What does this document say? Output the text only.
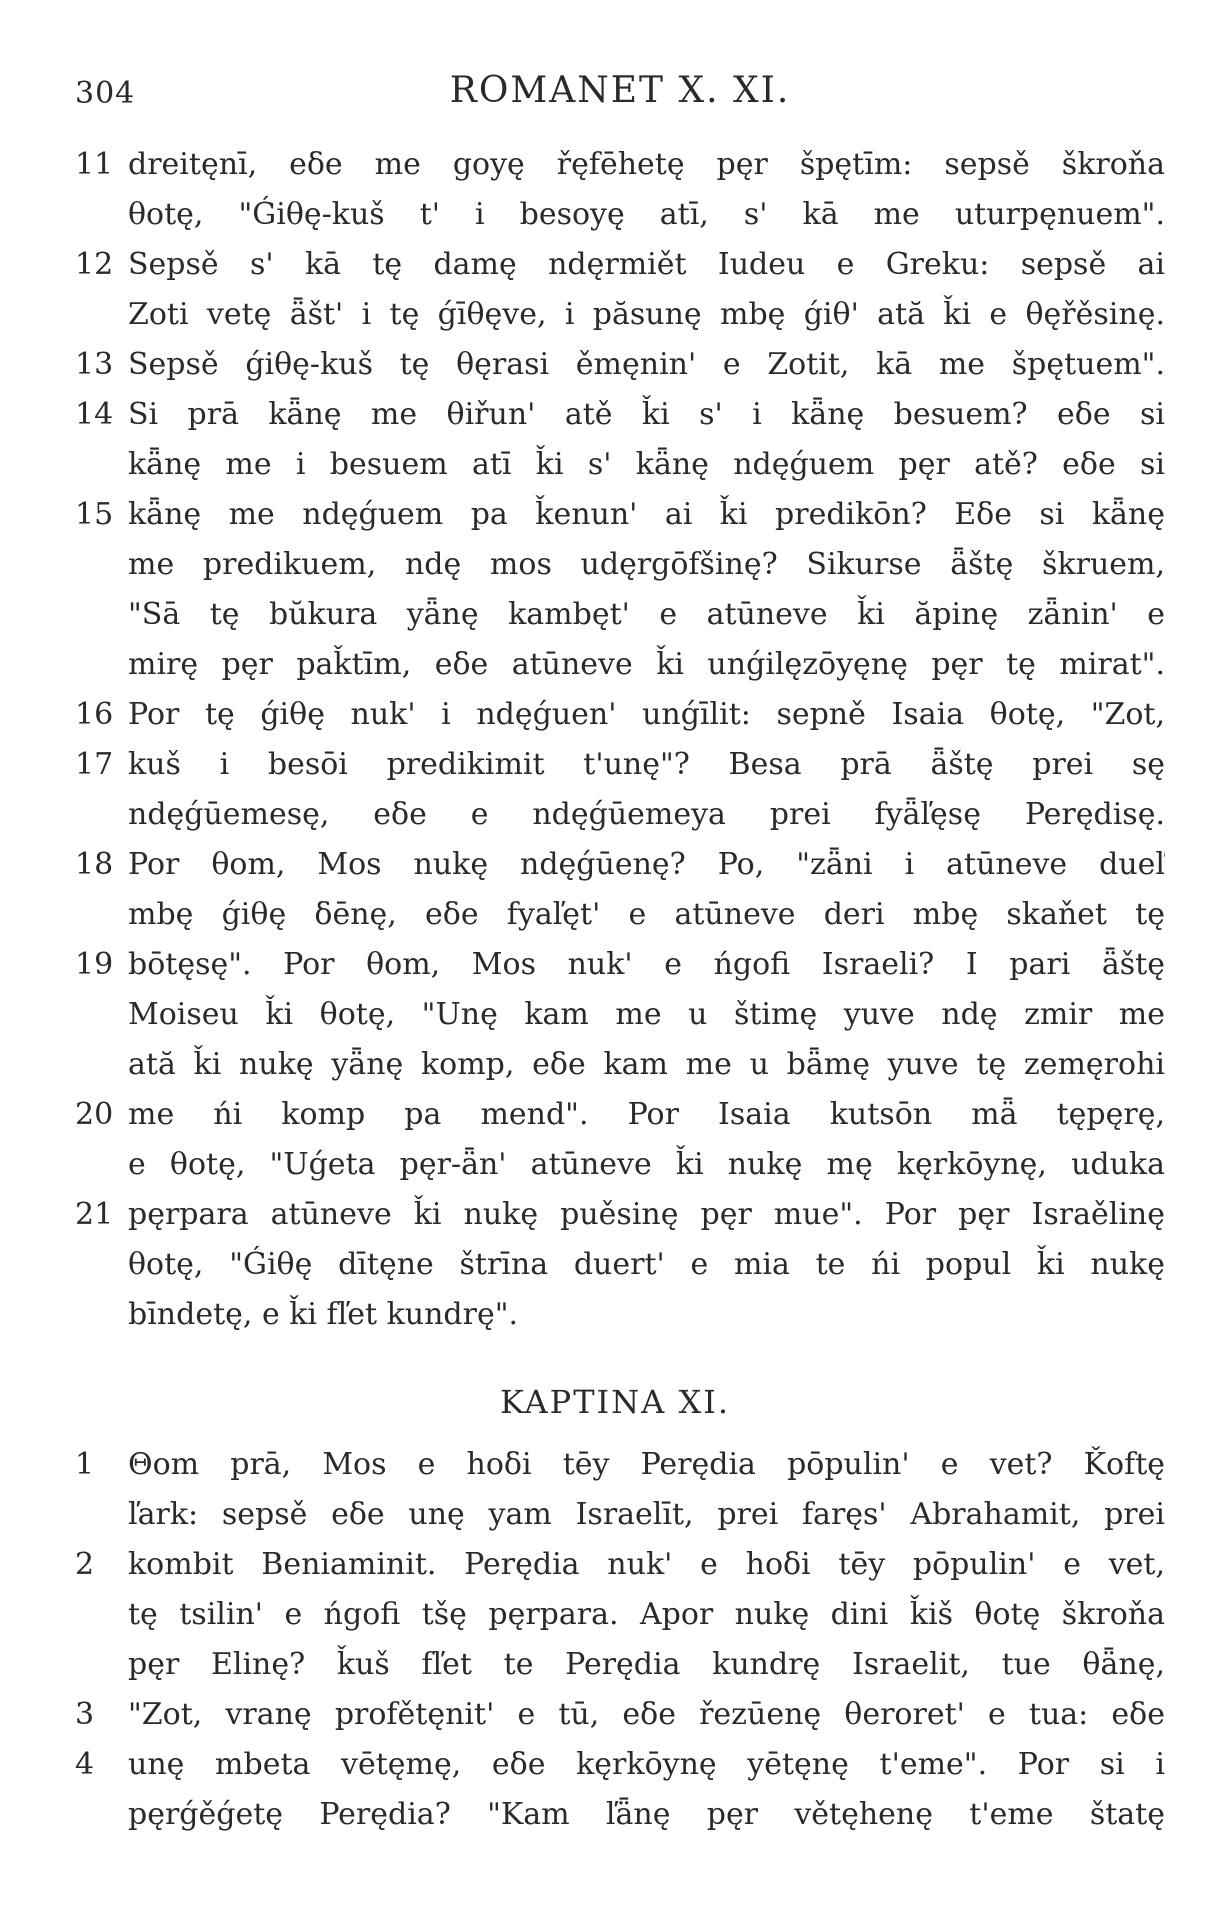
304	ROMANET X. XI.
11 dreitęnī, eδe me goyę řęfēhetę pęr špętīm: sepsě škroňa
θotę, "Ǵiθę-kuš t' i besoyę atī, s' kā me uturpęnuem".
12 Sepsě s' kā tę damę ndęrmiět Iudeu e Greku: sepsě ai
Zoti vetę ǟšt' i tę ǵīθęve, i păsunę mbę ǵiθ' ată ǩi e θęřěsinę.
13 Sepsě ǵiθę-kuš tę θęrasi ěmęnin' e Zotit, kā me špętuem".
14 Si prā kǟnę me θiřun' atě ǩi s' i kǟnę besuem? eδe si
kǟnę me i besuem atī ǩi s' kǟnę ndęǵuem pęr atě? eδe si
15 kǟnę me ndęǵuem pa ǩenun' ai ǩi predikōn? Eδe si kǟnę
me predikuem, ndę mos udęrgōfšinę? Sikurse ǟštę škruem,
"Sā tę bŭkura yǟnę kambęt' e atūneve ǩi ăpinę zǟnin' e
mirę pęr paǩtīm, eδe atūneve ǩi unǵilęzōyęnę pęr tę mirat".
16 Por tę ǵiθę nuk' i ndęǵuen' unǵīlit: sepně Isaia θotę, "Zot,
17 kuš i besōi predikimit t'unę"? Besa prā ǟštę prei sę
ndęǵūemesę, eδe e ndęǵūemeya prei fyǟľęsę Perędisę.
18 Por θom, Mos nukę ndęǵūenę? Po, "zǟni i atūneve dueľ
mbę ǵiθę δēnę, eδe fyaľęt' e atūneve deri mbę skaňet tę
19 bōtęsę". Por θom, Mos nuk' e ńgofi Israeli? I pari ǟštę
Moiseu ǩi θotę, "Unę kam me u štimę yuve ndę zmir me
ată ǩi nukę yǟnę komp, eδe kam me u bǟmę yuve tę zemęrohi
20 me ńi komp pa mend". Por Isaia kutsōn mǟ tępęrę,
e θotę, "Uǵeta pęr-ǟn' atūneve ǩi nukę mę kęrkōynę, uduka
21 pęrpara atūneve ǩi nukę puěsinę pęr mue". Por pęr Israělinę
θotę, "Ǵiθę dītęne štrīna duert' e mia te ńi popul ǩi nukę
bīndetę, e ǩi fľet kundrę".
KAPTINA XI.
1	Θom prā, Mos e hoδi tēy Perędia pōpulin' e vet? Ǩoftę
ľark: sepsě eδe unę yam Israelīt, prei faręs' Abrahamit, prei
2	kombit Beniaminit. Perędia nuk' e hoδi tēy pōpulin' e vet,
tę tsilin' e ńgofi tšę pęrpara. Apor nukę dini ǩiš θotę škroňa
pęr Elinę? ǩuš fľet te Perędia kundrę Israelit, tue θǟnę,
3	"Zot, vranę profětęnit' e tū, eδe řezūenę θeroret' e tua: eδe
4	unę mbeta vētęmę, eδe kęrkōynę yētęnę t'eme". Por si i
pęrǵěǵetę Perędia? "Kam ľǟnę pęr větęhenę t'eme štatę
